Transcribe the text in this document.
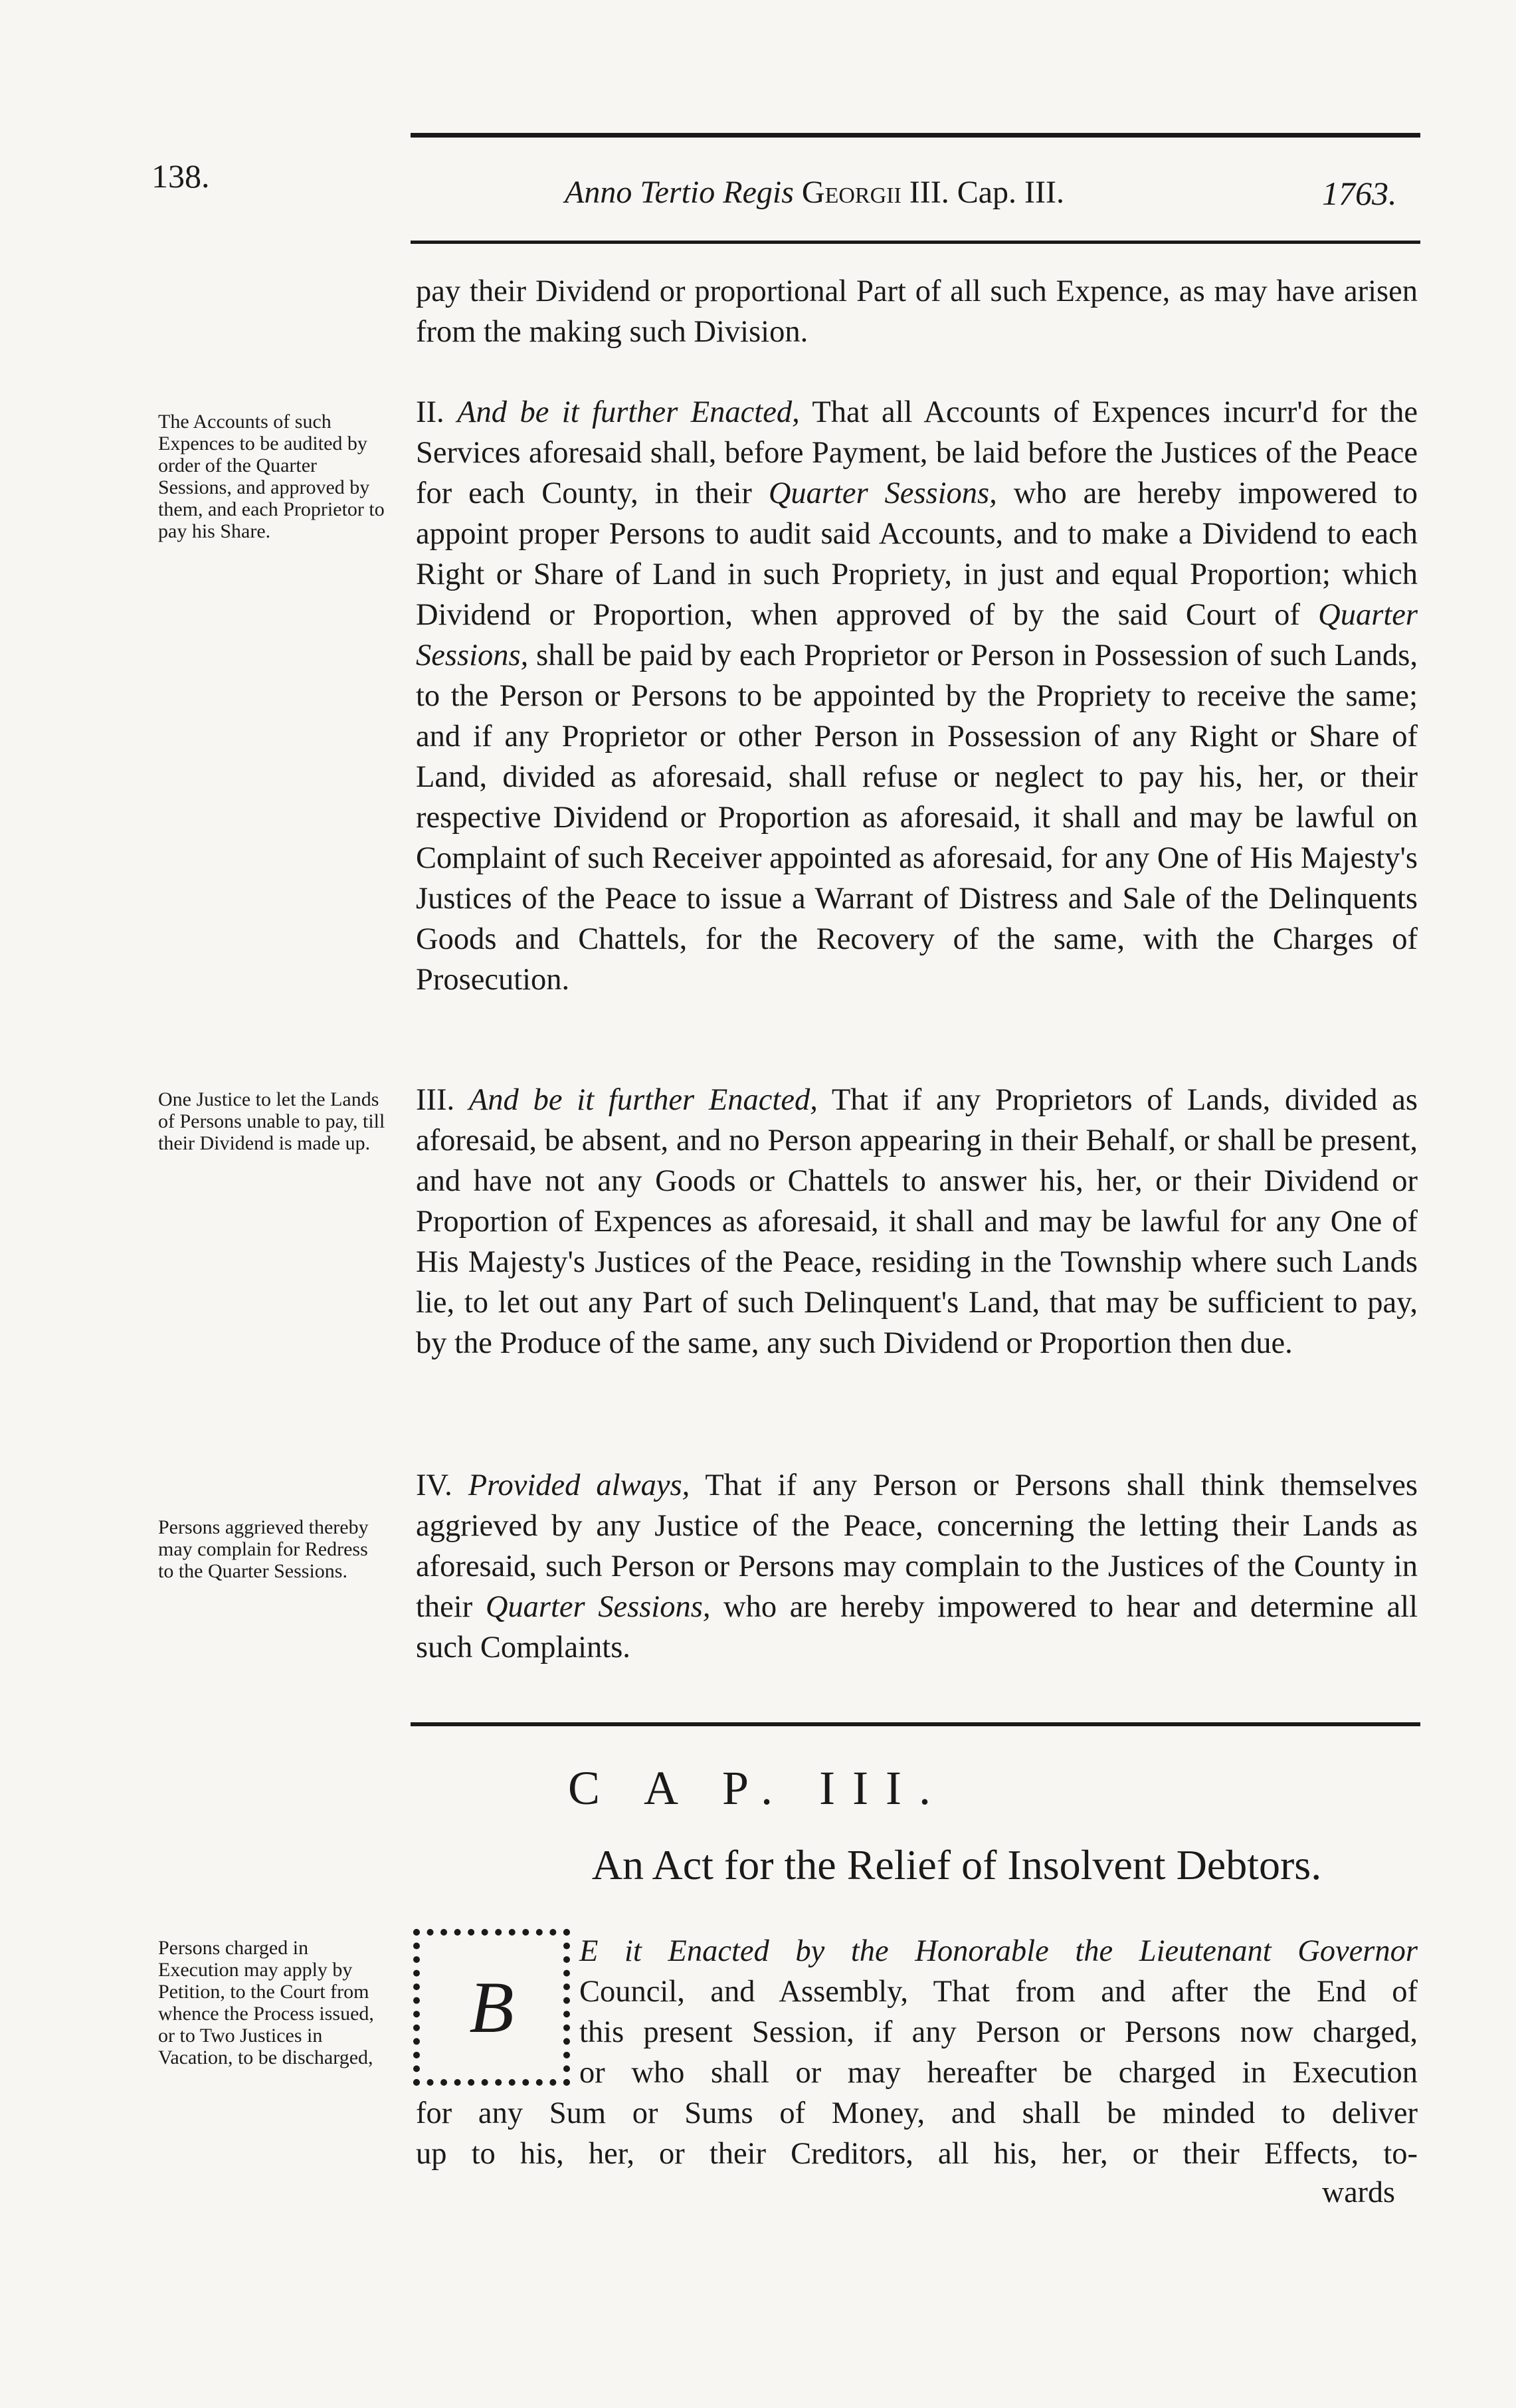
138.	Anno Tertio Regis Georgii III. Cap. III.	1763.

pay their Dividend or proportional Part of all such Expence, as may have arisen from the making such Division.

II. And be it further Enacted, That all Accounts of Expences incurr'd for the Services aforesaid shall, before Payment, be laid before the Justices of the Peace for each County, in their Quarter Sessions, who are hereby impowered to appoint proper Persons to audit said Accounts, and to make a Dividend to each Right or Share of Land in such Propriety, in just and equal Proportion; which Dividend or Proportion, when approved of by the said Court of Quarter Sessions, shall be paid by each Proprietor or Person in Possession of such Lands, to the Person or Persons to be appointed by the Propriety to receive the same; and if any Proprietor or other Person in Possession of any Right or Share of Land, divided as aforesaid, shall refuse or neglect to pay his, her, or their respective Dividend or Proportion as aforesaid, it shall and may be lawful on Complaint of such Receiver appointed as aforesaid, for any One of His Majesty's Justices of the Peace to issue a Warrant of Distress and Sale of the Delinquents Goods and Chattels, for the Recovery of the same, with the Charges of Prosecution.

III. And be it further Enacted, That if any Proprietors of Lands, divided as aforesaid, be absent, and no Person appearing in their Behalf, or shall be present, and have not any Goods or Chattels to answer his, her, or their Dividend or Proportion of Expences as aforesaid, it shall and may be lawful for any One of His Majesty's Justices of the Peace, residing in the Township where such Lands lie, to let out any Part of such Delinquent's Land, that may be sufficient to pay, by the Produce of the same, any such Dividend or Proportion then due.

IV. Provided always, That if any Person or Persons shall think themselves aggrieved by any Justice of the Peace, concerning the letting their Lands as aforesaid, such Person or Persons may complain to the Justices of the County in their Quarter Sessions, who are hereby impowered to hear and determine all such Complaints.

The Accounts of such Expences to be audited by order of the Quarter Sessions, and approved by them, and each Proprietor to pay his Share.
One Justice to let the Lands of Persons unable to pay, till their Dividend is made up.
Persons aggrieved thereby may complain for Redress to the Quarter Sessions.
Persons charged in Execution may apply by Petition, to the Court from whence the Process issued, or to Two Justices in Vacation, to be discharged,
C A P. III.
An Act for the Relief of Insolvent Debtors.
B

E it Enacted by the Honorable the Lieutenant Governor

Council, and Assembly, That from and after the End of

this present Session, if any Person or Persons now charged,

or who shall or may hereafter be charged in Execution

for any Sum or Sums of Money, and shall be minded to deliver

up to his, her, or their Creditors, all his, her, or their Effects, to-

wards
